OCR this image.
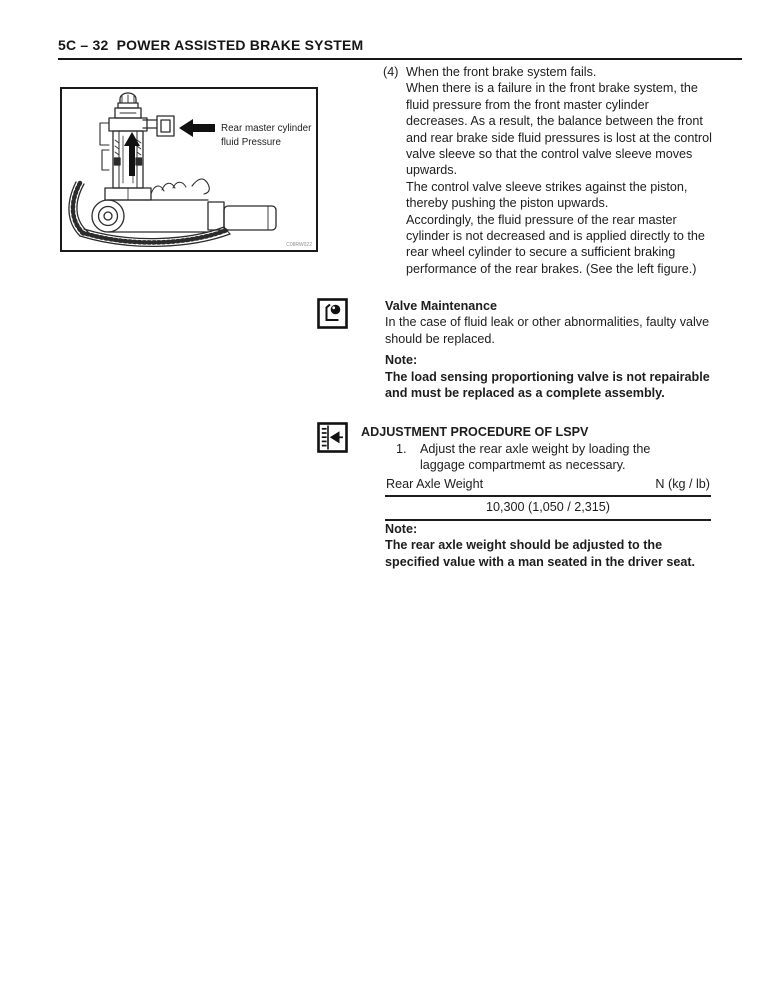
5C – 32  POWER ASSISTED BRAKE SYSTEM
Rear master cylinder
fluid Pressure
C08RW022
(4) When the front brake system fails.
When there is a failure in the front brake system, the fluid pressure from the front master cylinder decreases. As a result, the balance between the front and rear brake side fluid pressures is lost at the control valve sleeve so that the control valve sleeve moves upwards.
The control valve sleeve strikes against the piston, thereby pushing the piston upwards.
Accordingly, the fluid pressure of the rear master cylinder is not decreased and is applied directly to the rear wheel cylinder to secure a sufficient braking performance of the rear brakes. (See the left figure.)
Valve Maintenance

In the case of fluid leak or other abnormalities, faulty valve should be replaced.

Note:
The load sensing proportioning valve is not repairable and must be replaced as a complete assembly.
ADJUSTMENT PROCEDURE OF LSPV
1.	Adjust the rear axle weight by loading the laggage compartmemt as necessary.
Rear Axle Weight	N (kg / lb)
10,300 (1,050 / 2,315)
Note:
The rear axle weight should be adjusted to the specified value with a man seated in the driver seat.
